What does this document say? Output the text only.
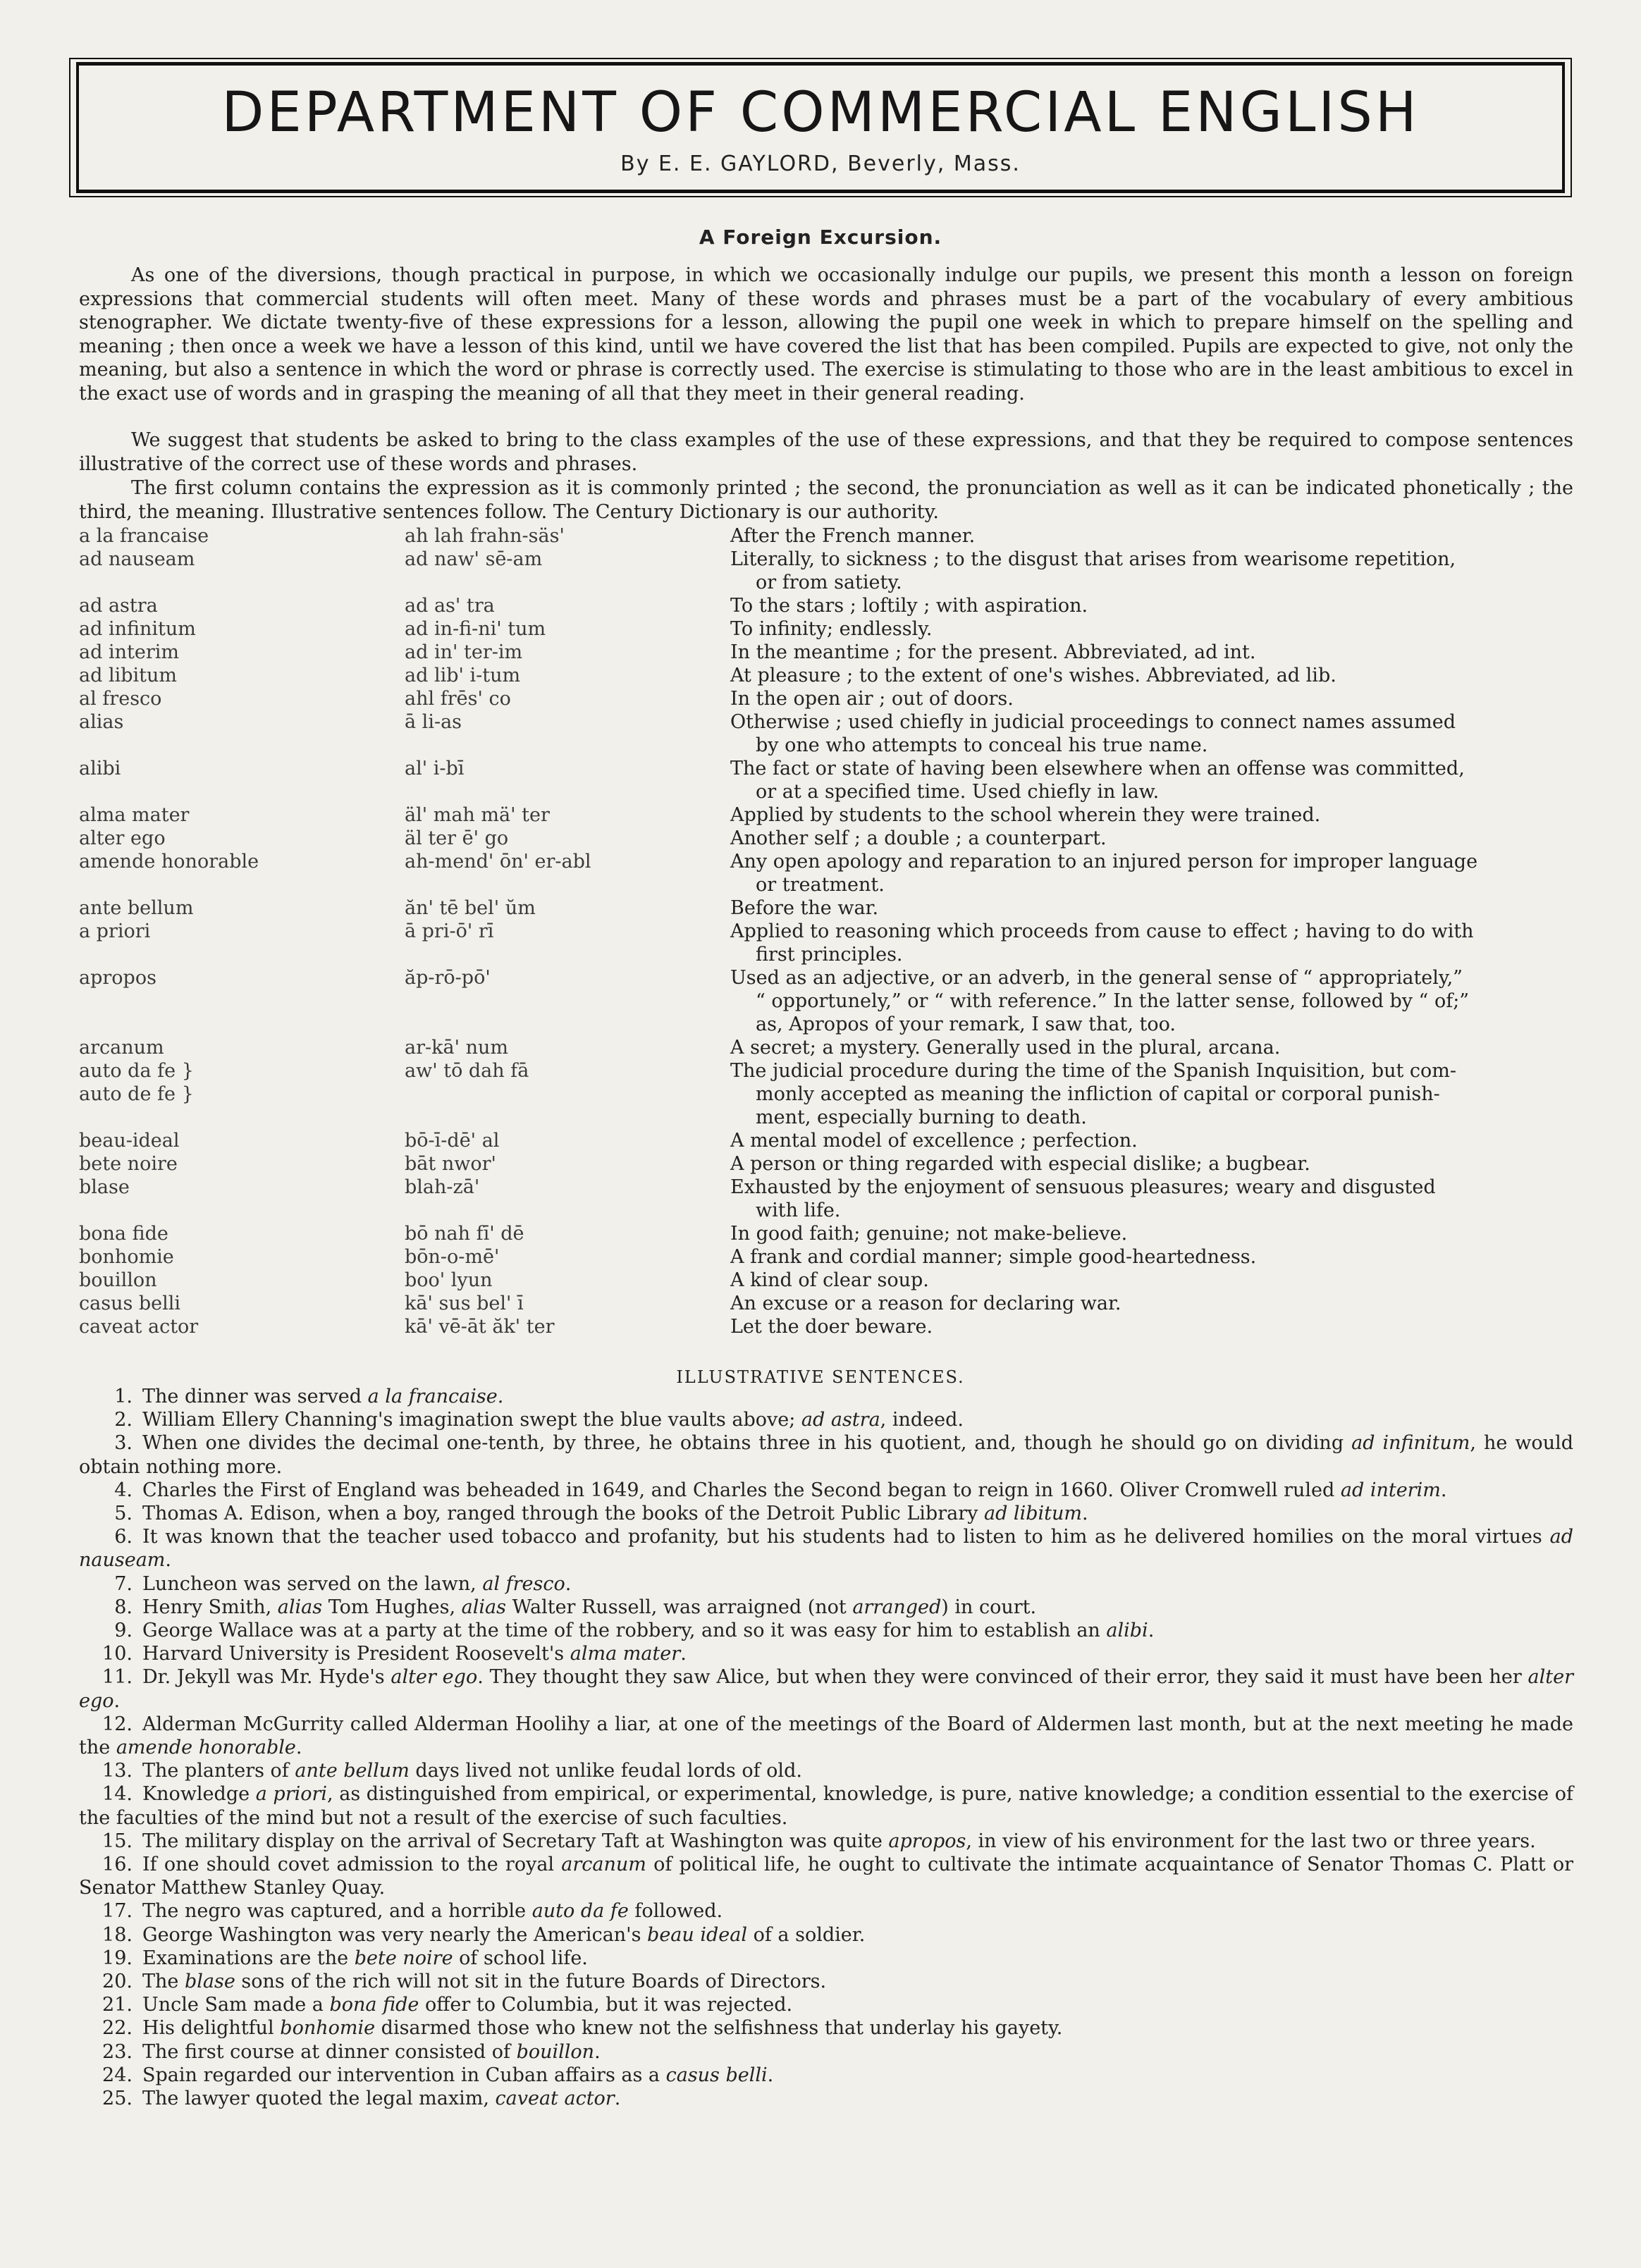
DEPARTMENT OF COMMERCIAL ENGLISH
By E. E. GAYLORD, Beverly, Mass.
A Foreign Excursion.
As one of the diversions, though practical in purpose, in which we occasionally indulge our pupils, we present this month a lesson on foreign expressions that commercial students will often meet. Many of these words and phrases must be a part of the vocabulary of every ambitious stenographer. We dictate twenty-five of these expressions for a lesson, allowing the pupil one week in which to prepare himself on the spelling and meaning ; then once a week we have a lesson of this kind, until we have covered the list that has been compiled. Pupils are expected to give, not only the meaning, but also a sentence in which the word or phrase is correctly used. The exercise is stimulating to those who are in the least ambitious to excel in the exact use of words and in grasping the meaning of all that they meet in their general reading.
We suggest that students be asked to bring to the class examples of the use of these expressions, and that they be required to compose sentences illustrative of the correct use of these words and phrases.
The first column contains the expression as it is commonly printed ; the second, the pronunciation as well as it can be indicated phonetically ; the third, the meaning. Illustrative sentences follow. The Century Dictionary is our authority.
a la francaise	ah lah frahn-säs'	After the French manner.
ad nauseam	ad naw' sē-am	Literally, to sickness ; to the disgust that arises from wearisome repetition,
or from satiety.
ad astra	ad as' tra	To the stars ; loftily ; with aspiration.
ad infinitum	ad in-fi-ni' tum	To infinity; endlessly.
ad interim	ad in' ter-im	In the meantime ; for the present. Abbreviated, ad int.
ad libitum	ad lib' i-tum	At pleasure ; to the extent of one's wishes. Abbreviated, ad lib.
al fresco	ahl frēs' co	In the open air ; out of doors.
alias	ā li-as	Otherwise ; used chiefly in judicial proceedings to connect names assumed
by one who attempts to conceal his true name.
alibi	al' i-bī	The fact or state of having been elsewhere when an offense was committed,
or at a specified time. Used chiefly in law.
alma mater	äl' mah mä' ter	Applied by students to the school wherein they were trained.
alter ego	äl ter ē' go	Another self ; a double ; a counterpart.
amende honorable	ah-mend' ōn' er-abl	Any open apology and reparation to an injured person for improper language
or treatment.
ante bellum	ăn' tē bel' ŭm	Before the war.
a priori	ā pri-ō' rī	Applied to reasoning which proceeds from cause to effect ; having to do with
first principles.
apropos	ăp-rō-pō'	Used as an adjective, or an adverb, in the general sense of “ appropriately,”
“ opportunely,” or “ with reference.” In the latter sense, followed by “ of;”
as, Apropos of your remark, I saw that, too.
arcanum	ar-kā' num	A secret; a mystery. Generally used in the plural, arcana.
auto da fe }
auto de fe }
aw' tō dah fā	The judicial procedure during the time of the Spanish Inquisition, but com-
monly accepted as meaning the infliction of capital or corporal punish-
ment, especially burning to death.
beau-ideal	bō-ī-dē' al	A mental model of excellence ; perfection.
bete noire	bāt nwor'	A person or thing regarded with especial dislike; a bugbear.
blase	blah-zā'	Exhausted by the enjoyment of sensuous pleasures; weary and disgusted
with life.
bona fide	bō nah fī' dē	In good faith; genuine; not make-believe.
bonhomie	bōn-o-mē'	A frank and cordial manner; simple good-heartedness.
bouillon	boo' lyun	A kind of clear soup.
casus belli	kā' sus bel' ī	An excuse or a reason for declaring war.
caveat actor	kā' vē-āt ăk' ter	Let the doer beware.
ILLUSTRATIVE SENTENCES.
1. The dinner was served a la francaise.
2. William Ellery Channing's imagination swept the blue vaults above; ad astra, indeed.
3. When one divides the decimal one-tenth, by three, he obtains three in his quotient, and, though he should go on dividing ad infinitum, he would obtain nothing more.
4. Charles the First of England was beheaded in 1649, and Charles the Second began to reign in 1660. Oliver Cromwell ruled ad interim.
5. Thomas A. Edison, when a boy, ranged through the books of the Detroit Public Library ad libitum.
6. It was known that the teacher used tobacco and profanity, but his students had to listen to him as he delivered homilies on the moral virtues ad nauseam.
7. Luncheon was served on the lawn, al fresco.
8. Henry Smith, alias Tom Hughes, alias Walter Russell, was arraigned (not arranged) in court.
9. George Wallace was at a party at the time of the robbery, and so it was easy for him to establish an alibi.
10. Harvard University is President Roosevelt's alma mater.
11. Dr. Jekyll was Mr. Hyde's alter ego. They thought they saw Alice, but when they were convinced of their error, they said it must have been her alter ego.
12. Alderman McGurrity called Alderman Hoolihy a liar, at one of the meetings of the Board of Aldermen last month, but at the next meeting he made the amende honorable.
13. The planters of ante bellum days lived not unlike feudal lords of old.
14. Knowledge a priori, as distinguished from empirical, or experimental, knowledge, is pure, native knowledge; a condition essential to the exercise of the faculties of the mind but not a result of the exercise of such faculties.
15. The military display on the arrival of Secretary Taft at Washington was quite apropos, in view of his environment for the last two or three years.
16. If one should covet admission to the royal arcanum of political life, he ought to cultivate the intimate acquaintance of Senator Thomas C. Platt or Senator Matthew Stanley Quay.
17. The negro was captured, and a horrible auto da fe followed.
18. George Washington was very nearly the American's beau ideal of a soldier.
19. Examinations are the bete noire of school life.
20. The blase sons of the rich will not sit in the future Boards of Directors.
21. Uncle Sam made a bona fide offer to Columbia, but it was rejected.
22. His delightful bonhomie disarmed those who knew not the selfishness that underlay his gayety.
23. The first course at dinner consisted of bouillon.
24. Spain regarded our intervention in Cuban affairs as a casus belli.
25. The lawyer quoted the legal maxim, caveat actor.
